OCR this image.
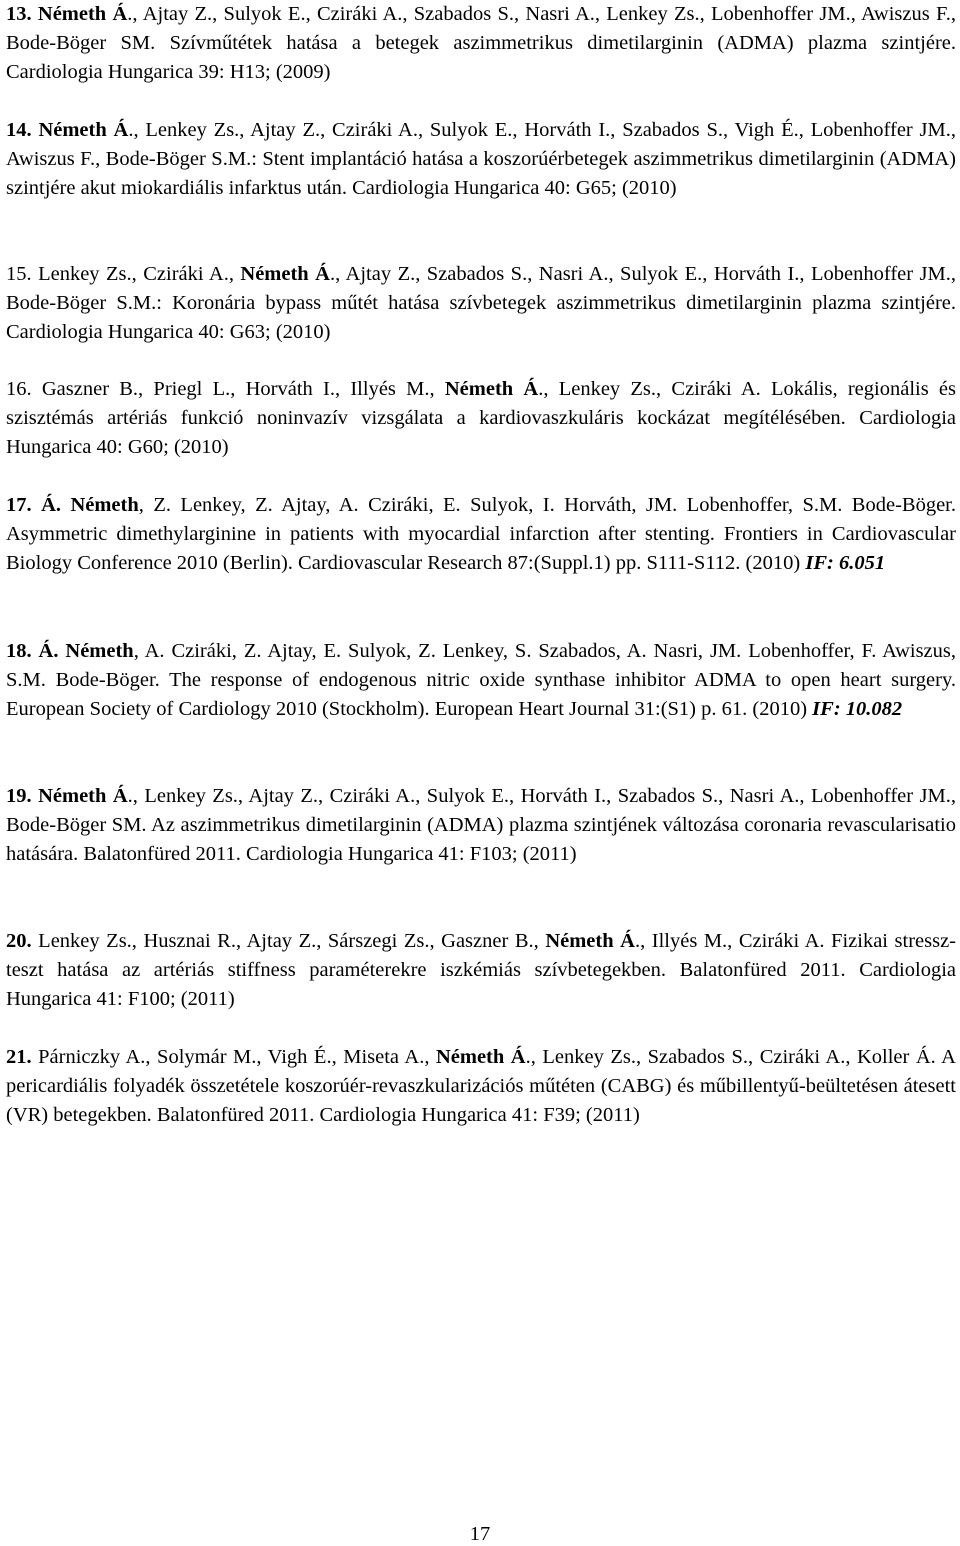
13. Németh Á., Ajtay Z., Sulyok E., Cziráki A., Szabados S., Nasri A., Lenkey Zs., Lobenhoffer JM., Awiszus F., Bode-Böger SM. Szívműtétek hatása a betegek aszimmetrikus dimetilarginin (ADMA) plazma szintjére. Cardiologia Hungarica 39: H13; (2009)

14. Németh Á., Lenkey Zs., Ajtay Z., Cziráki A., Sulyok E., Horváth I., Szabados S., Vigh É., Lobenhoffer JM., Awiszus F., Bode-Böger S.M.: Stent implantáció hatása a koszorúérbetegek aszimmetrikus dimetilarginin (ADMA) szintjére akut miokardiális infarktus után. Cardiologia Hungarica 40: G65; (2010)

15. Lenkey Zs., Cziráki A., Németh Á., Ajtay Z., Szabados S., Nasri A., Sulyok E., Horváth I., Lobenhoffer JM., Bode-Böger S.M.: Koronária bypass műtét hatása szívbetegek aszimmetrikus dimetilarginin plazma szintjére. Cardiologia Hungarica 40: G63; (2010)

16. Gaszner B., Priegl L., Horváth I., Illyés M., Németh Á., Lenkey Zs., Cziráki A. Lokális, regionális és szisztémás artériás funkció noninvazív vizsgálata a kardiovaszkuláris kockázat megítélésében. Cardiologia Hungarica 40: G60; (2010)

17. Á. Németh, Z. Lenkey, Z. Ajtay, A. Cziráki, E. Sulyok, I. Horváth, JM. Lobenhoffer, S.M. Bode-Böger. Asymmetric dimethylarginine in patients with myocardial infarction after stenting. Frontiers in Cardiovascular Biology Conference 2010 (Berlin). Cardiovascular Research 87:(Suppl.1) pp. S111-S112. (2010) IF: 6.051

18. Á. Németh, A. Cziráki, Z. Ajtay, E. Sulyok, Z. Lenkey, S. Szabados, A. Nasri, JM. Lobenhoffer, F. Awiszus, S.M. Bode-Böger. The response of endogenous nitric oxide synthase inhibitor ADMA to open heart surgery. European Society of Cardiology 2010 (Stockholm). European Heart Journal 31:(S1) p. 61. (2010) IF: 10.082

19. Németh Á., Lenkey Zs., Ajtay Z., Cziráki A., Sulyok E., Horváth I., Szabados S., Nasri A., Lobenhoffer JM., Bode-Böger SM. Az aszimmetrikus dimetilarginin (ADMA) plazma szintjének változása coronaria revascularisatio hatására. Balatonfüred 2011. Cardiologia Hungarica 41: F103; (2011)

20. Lenkey Zs., Husznai R., Ajtay Z., Sárszegi Zs., Gaszner B., Németh Á., Illyés M., Cziráki A. Fizikai stressz-teszt hatása az artériás stiffness paraméterekre iszkémiás szívbetegekben. Balatonfüred 2011. Cardiologia Hungarica 41: F100; (2011)

21. Párniczky A., Solymár M., Vigh É., Miseta A., Németh Á., Lenkey Zs., Szabados S., Cziráki A., Koller Á. A pericardiális folyadék összetétele koszorúér-revaszkularizációs műtéten (CABG) és műbillentyű-beültetésen átesett (VR) betegekben. Balatonfüred 2011. Cardiologia Hungarica 41: F39; (2011)

17
